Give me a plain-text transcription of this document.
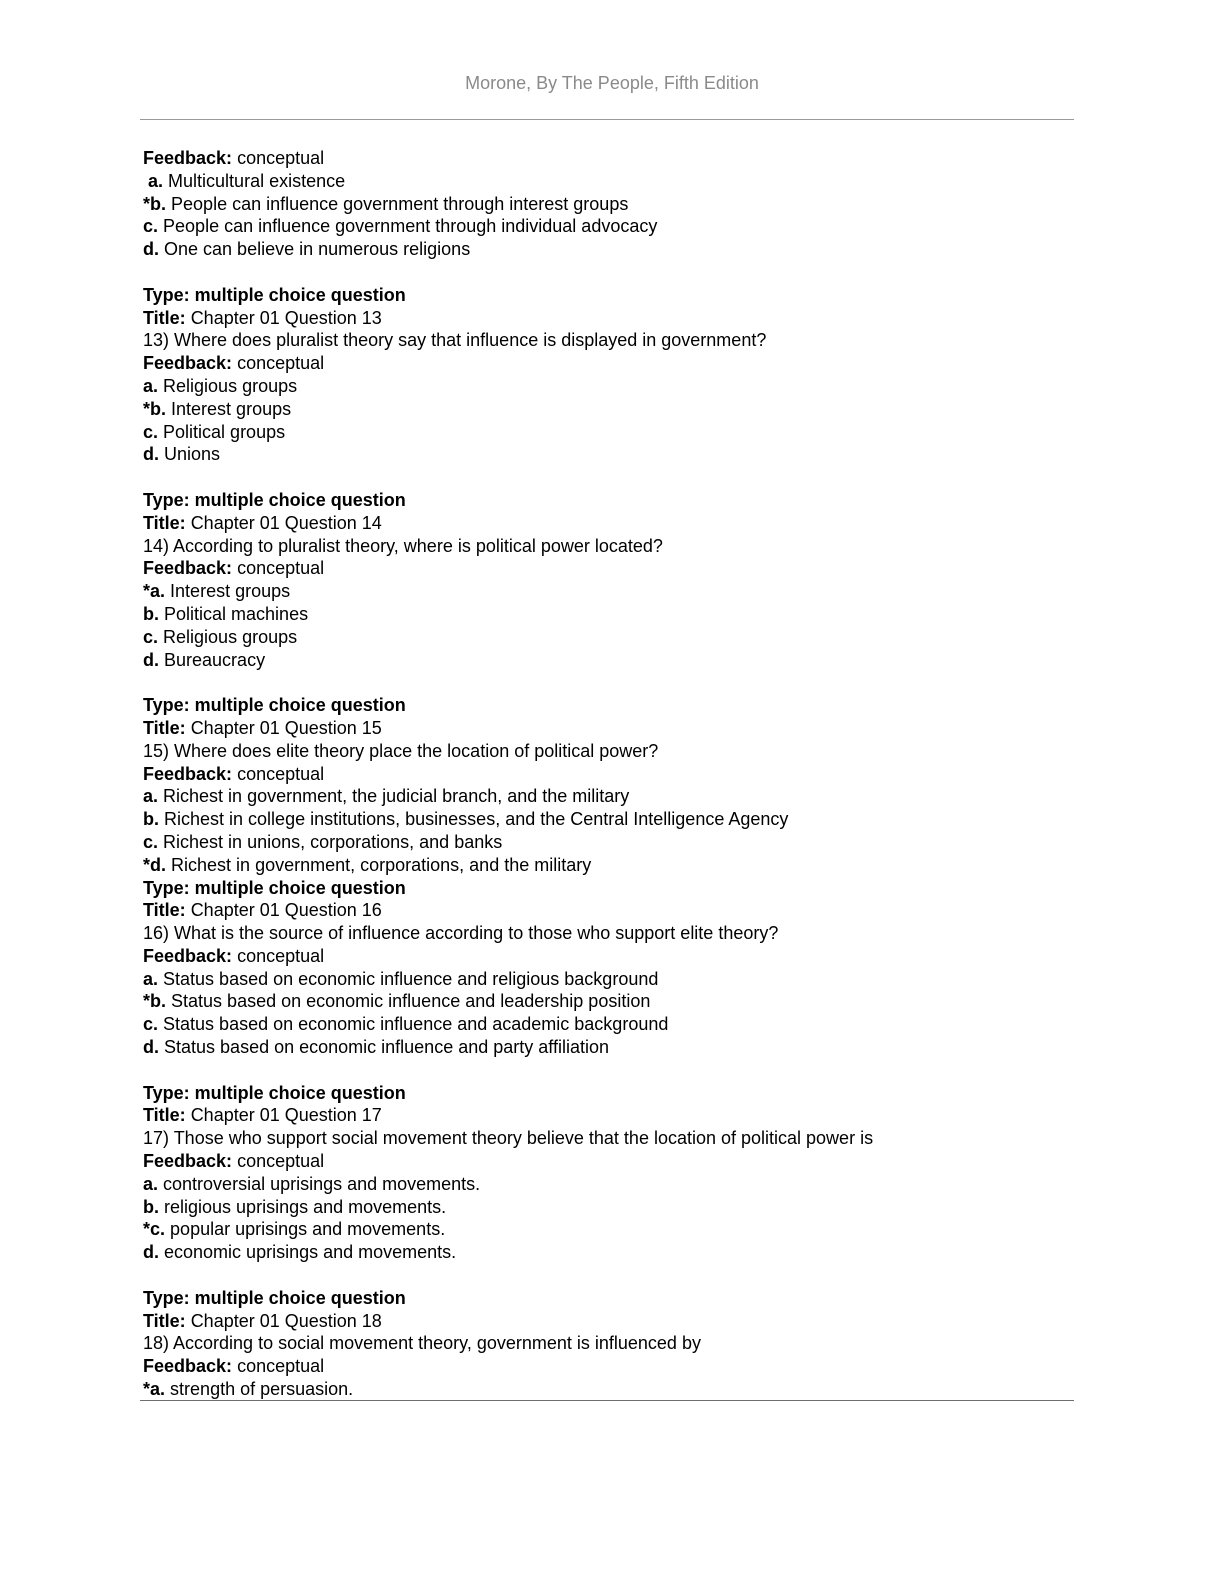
Morone, By The People, Fifth Edition
Feedback: conceptual
a. Multicultural existence
*b. People can influence government through interest groups
c. People can influence government through individual advocacy
d. One can believe in numerous religions
Type: multiple choice question
Title: Chapter 01 Question 13
13) Where does pluralist theory say that influence is displayed in government?
Feedback: conceptual
a. Religious groups
*b. Interest groups
c. Political groups
d. Unions
Type: multiple choice question
Title: Chapter 01 Question 14
14) According to pluralist theory, where is political power located?
Feedback: conceptual
*a. Interest groups
b. Political machines
c. Religious groups
d. Bureaucracy
Type: multiple choice question
Title: Chapter 01 Question 15
15) Where does elite theory place the location of political power?
Feedback: conceptual
a. Richest in government, the judicial branch, and the military
b. Richest in college institutions, businesses, and the Central Intelligence Agency
c. Richest in unions, corporations, and banks
*d. Richest in government, corporations, and the military
Type: multiple choice question
Title: Chapter 01 Question 16
16) What is the source of influence according to those who support elite theory?
Feedback: conceptual
a. Status based on economic influence and religious background
*b. Status based on economic influence and leadership position
c. Status based on economic influence and academic background
d. Status based on economic influence and party affiliation
Type: multiple choice question
Title: Chapter 01 Question 17
17) Those who support social movement theory believe that the location of political power is
Feedback: conceptual
a. controversial uprisings and movements.
b. religious uprisings and movements.
*c. popular uprisings and movements.
d. economic uprisings and movements.
Type: multiple choice question
Title: Chapter 01 Question 18
18) According to social movement theory, government is influenced by
Feedback: conceptual
*a. strength of persuasion.
